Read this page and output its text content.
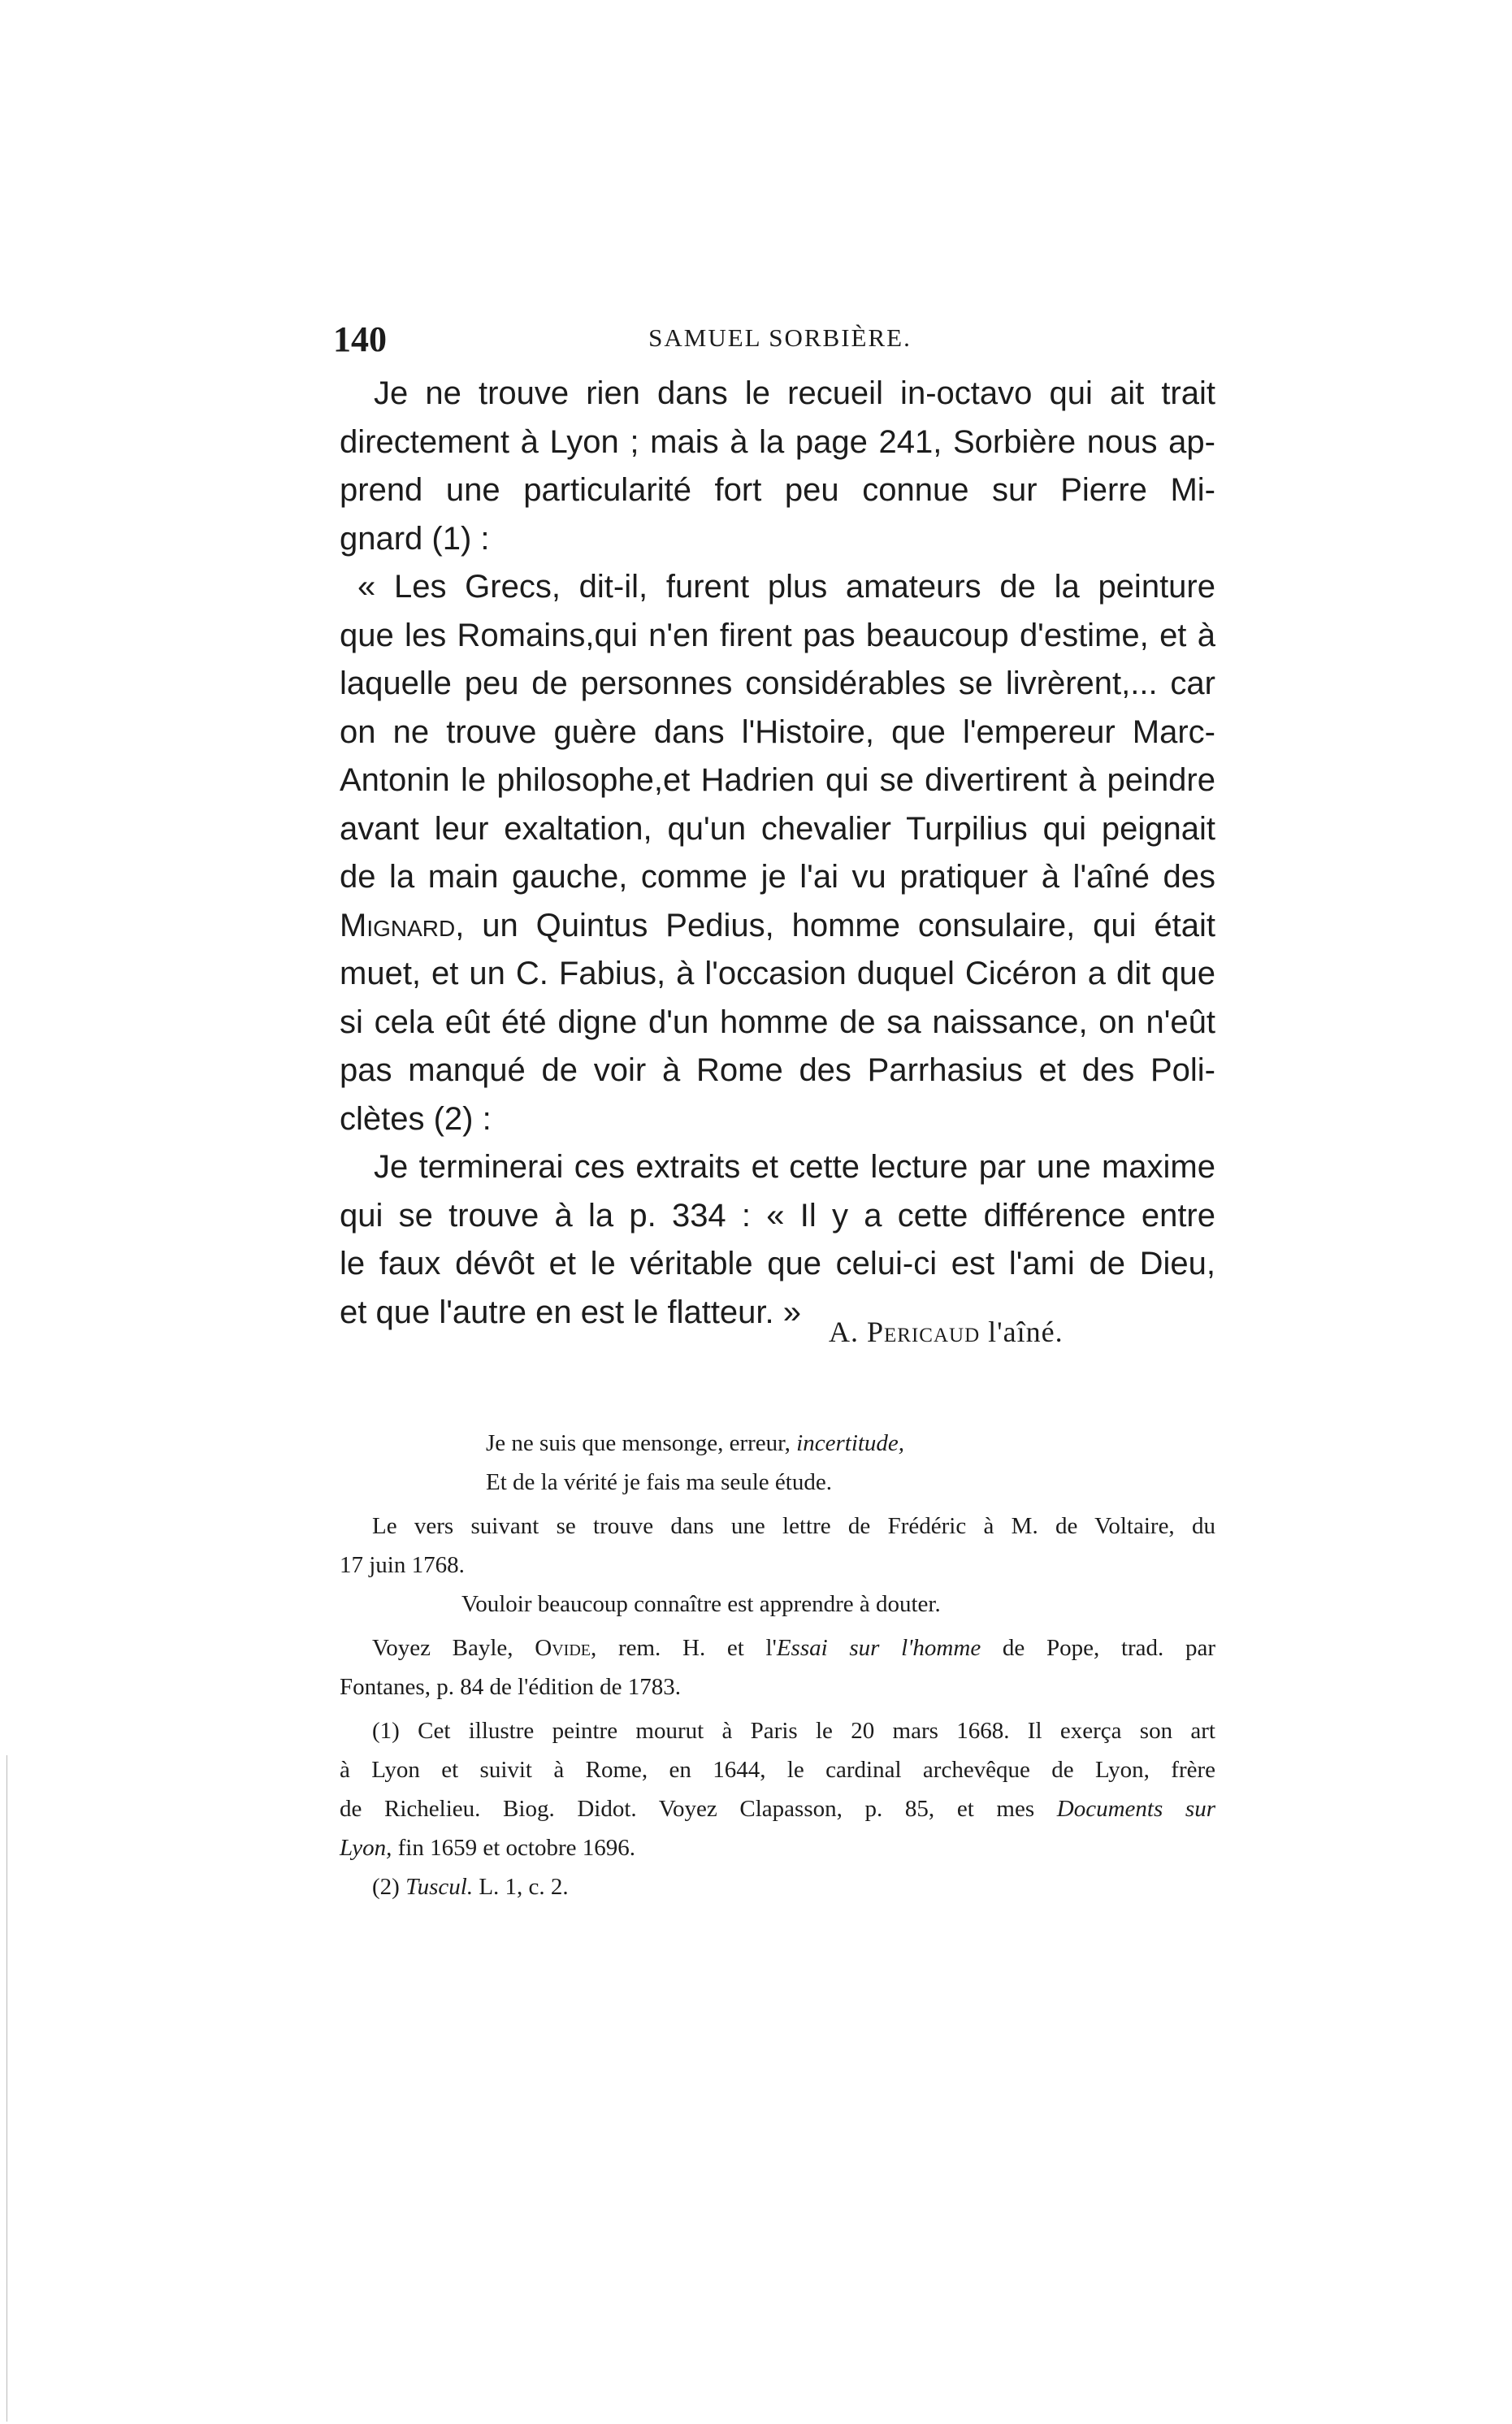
140	SAMUEL SORBIÈRE.
Je ne trouve rien dans le recueil in-octavo qui ait trait
directement à Lyon ; mais à la page 241, Sorbière nous ap-
prend une particularité fort peu connue sur Pierre Mi-
gnard (1) :
« Les Grecs, dit-il, furent plus amateurs de la peinture
que les Romains,qui n'en firent pas beaucoup d'estime, et à
laquelle peu de personnes considérables se livrèrent,... car
on ne trouve guère dans l'Histoire, que l'empereur Marc-
Antonin le philosophe,et Hadrien qui se divertirent à peindre
avant leur exaltation, qu'un chevalier Turpilius qui peignait
de la main gauche, comme je l'ai vu pratiquer à l'aîné des
Mignard, un Quintus Pedius, homme consulaire, qui était
muet, et un C. Fabius, à l'occasion duquel Cicéron a dit que
si cela eût été digne d'un homme de sa naissance, on n'eût
pas manqué de voir à Rome des Parrhasius et des Poli-
clètes (2) :
Je terminerai ces extraits et cette lecture par une maxime
qui se trouve à la p. 334 : « Il y a cette différence entre
le faux dévôt et le véritable que celui-ci est l'ami de Dieu,
et que l'autre en est le flatteur. »
A. Pericaud l'aîné.
Je ne suis que mensonge, erreur, incertitude,
Et de la vérité je fais ma seule étude.
Le vers suivant se trouve dans une lettre de Frédéric à M. de Voltaire, du
17 juin 1768.
Vouloir beaucoup connaître est apprendre à douter.
Voyez Bayle, Ovide, rem. H. et l'Essai sur l'homme de Pope, trad. par
Fontanes, p. 84 de l'édition de 1783.
(1) Cet illustre peintre mourut à Paris le 20 mars 1668. Il exerça son art
à Lyon et suivit à Rome, en 1644, le cardinal archevêque de Lyon, frère
de Richelieu. Biog. Didot. Voyez Clapasson, p. 85, et mes Documents sur
Lyon, fin 1659 et octobre 1696.
(2) Tuscul. L. 1, c. 2.
